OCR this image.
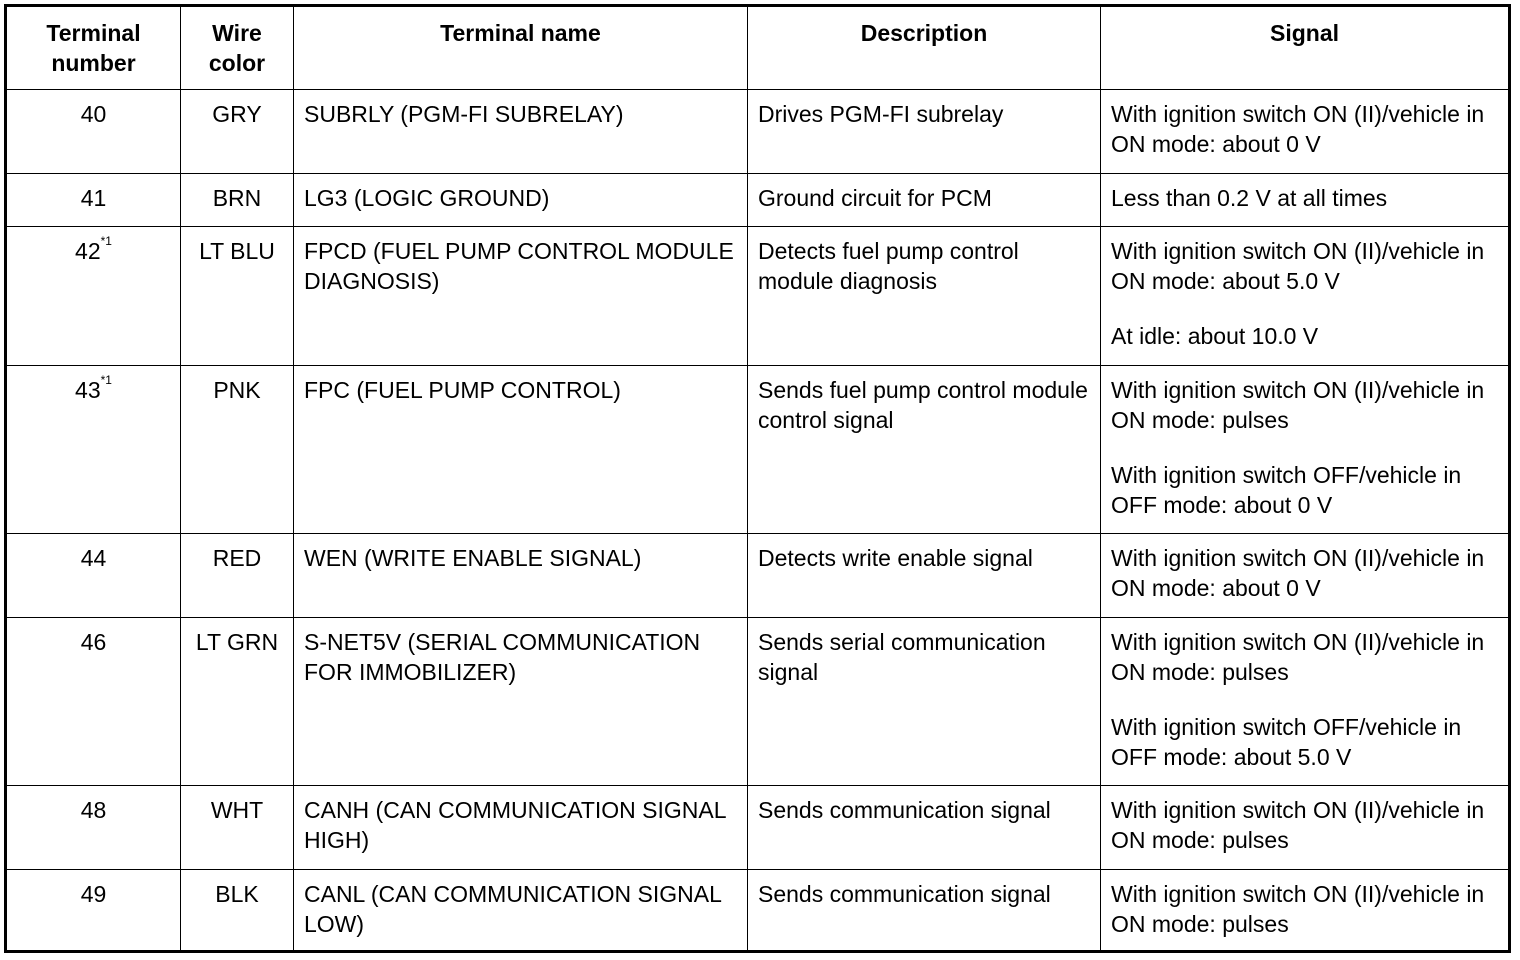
Terminal number	Wire color	Terminal name	Description	Signal
40	GRY	SUBRLY (PGM-FI SUBRELAY)	Drives PGM-FI subrelay	With ignition switch ON (II)/vehicle in ON mode: about 0 V

41	BRN	LG3 (LOGIC GROUND)	Ground circuit for PCM	Less than 0.2 V at all times

42$^{*1}$	LT BLU	FPCD (FUEL PUMP CONTROL MODULE DIAGNOSIS)	Detects fuel pump control module diagnosis	With ignition switch ON (II)/vehicle in ON mode: about 5.0 V
At idle: about 10.0 V

43$^{*1}$	PNK	FPC (FUEL PUMP CONTROL)	Sends fuel pump control module control signal	With ignition switch ON (II)/vehicle in ON mode: pulses
With ignition switch OFF/vehicle in OFF mode: about 0 V

44	RED	WEN (WRITE ENABLE SIGNAL)	Detects write enable signal	With ignition switch ON (II)/vehicle in ON mode: about 0 V

46	LT GRN	S-NET5V (SERIAL COMMUNICATION FOR IMMOBILIZER)	Sends serial communication signal	With ignition switch ON (II)/vehicle in ON mode: pulses
With ignition switch OFF/vehicle in OFF mode: about 5.0 V

48	WHT	CANH (CAN COMMUNICATION SIGNAL HIGH)	Sends communication signal	With ignition switch ON (II)/vehicle in ON mode: pulses

49	BLK	CANL (CAN COMMUNICATION SIGNAL LOW)	Sends communication signal	With ignition switch ON (II)/vehicle in ON mode: pulses
